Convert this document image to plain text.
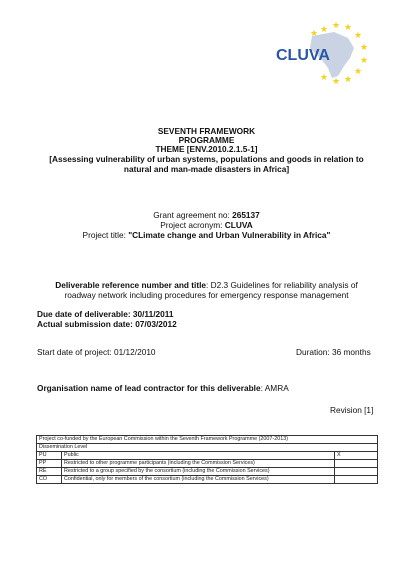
★ ★ ★
★
★
★
★
★
★
★
★
CLUVA
SEVENTH FRAMEWORK
PROGRAMME
THEME [ENV.2010.2.1.5-1]
[Assessing vulnerability of urban systems, populations and goods in relation to
natural and man-made disasters in Africa]
Grant agreement no: 265137
Project acronym: CLUVA
Project title: "CLimate change and Urban Vulnerability in Africa"
Deliverable reference number and title: D2.3 Guidelines for reliability analysis of
roadway network including procedures for emergency response management
Due date of deliverable: 30/11/2011
Actual submission date: 07/03/2012
Start date of project: 01/12/2010	Duration: 36 months
Organisation name of lead contractor for this deliverable: AMRA
Revision [1]
Project co-funded by the European Commission within the Seventh Framework Programme (2007-2013)		
Dissemination Level		
PU	Public	X
PP	Restricted to other programme participants (including the Commission Services)	
RE	Restricted to a group specified by the consortium (including the Commission Services)	
CO	Confidential, only for members of the consortium (including the Commission Services)	
